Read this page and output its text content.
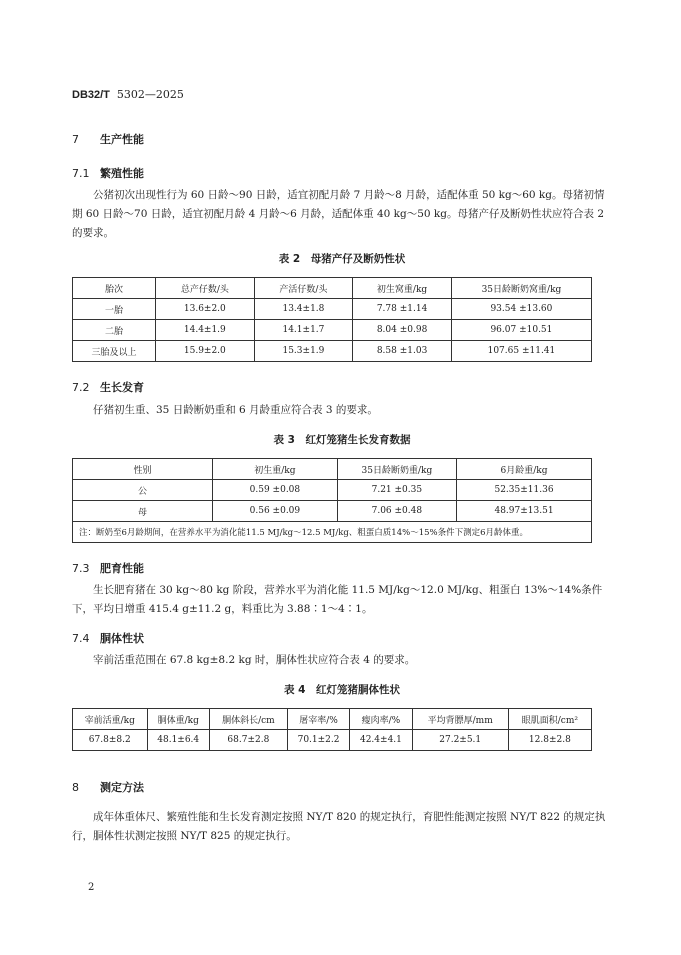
DB32/T 5302—2025
7 生产性能
7.1 繁殖性能
公猪初次出现性行为 60 日龄～90 日龄，适宜初配月龄 7 月龄～8 月龄，适配体重 50 kg～60 kg。母猪初情期 60 日龄～70 日龄，适宜初配月龄 4 月龄～6 月龄，适配体重 40 kg～50 kg。母猪产仔及断奶性状应符合表 2 的要求。
表 2　母猪产仔及断奶性状
胎次	总产仔数/头	产活仔数/头	初生窝重/kg	35日龄断奶窝重/kg
一胎	13.6±2.0	13.4±1.8	7.78 ±1.14	93.54 ±13.60
二胎	14.4±1.9	14.1±1.7	8.04 ±0.98	96.07 ±10.51
三胎及以上	15.9±2.0	15.3±1.9	8.58 ±1.03	107.65 ±11.41
7.2 生长发育
仔猪初生重、35 日龄断奶重和 6 月龄重应符合表 3 的要求。
表 3　红灯笼猪生长发育数据
性别	初生重/kg	35日龄断奶重/kg	6月龄重/kg
公	0.59 ±0.08	7.21 ±0.35	52.35±11.36
母	0.56 ±0.09	7.06 ±0.48	48.97±13.51
注：断奶至6月龄期间，在营养水平为消化能11.5 MJ/kg～12.5 MJ/kg、粗蛋白质14%～15%条件下测定6月龄体重。			
7.3 肥育性能
生长肥育猪在 30 kg～80 kg 阶段，营养水平为消化能 11.5 MJ/kg～12.0 MJ/kg、粗蛋白 13%～14%条件下，平均日增重 415.4 g±11.2 g，料重比为 3.88∶1～4∶1。
7.4 胴体性状
宰前活重范围在 67.8 kg±8.2 kg 时，胴体性状应符合表 4 的要求。
表 4　红灯笼猪胴体性状
宰前活重/kg	胴体重/kg	胴体斜长/cm	屠宰率/%	瘦肉率/%	平均背膘厚/mm	眼肌面积/cm²
67.8±8.2	48.1±6.4	68.7±2.8	70.1±2.2	42.4±4.1	27.2±5.1	12.8±2.8
8 测定方法
成年体重体尺、繁殖性能和生长发育测定按照 NY/T 820 的规定执行，育肥性能测定按照 NY/T 822 的规定执行，胴体性状测定按照 NY/T 825 的规定执行。
2
